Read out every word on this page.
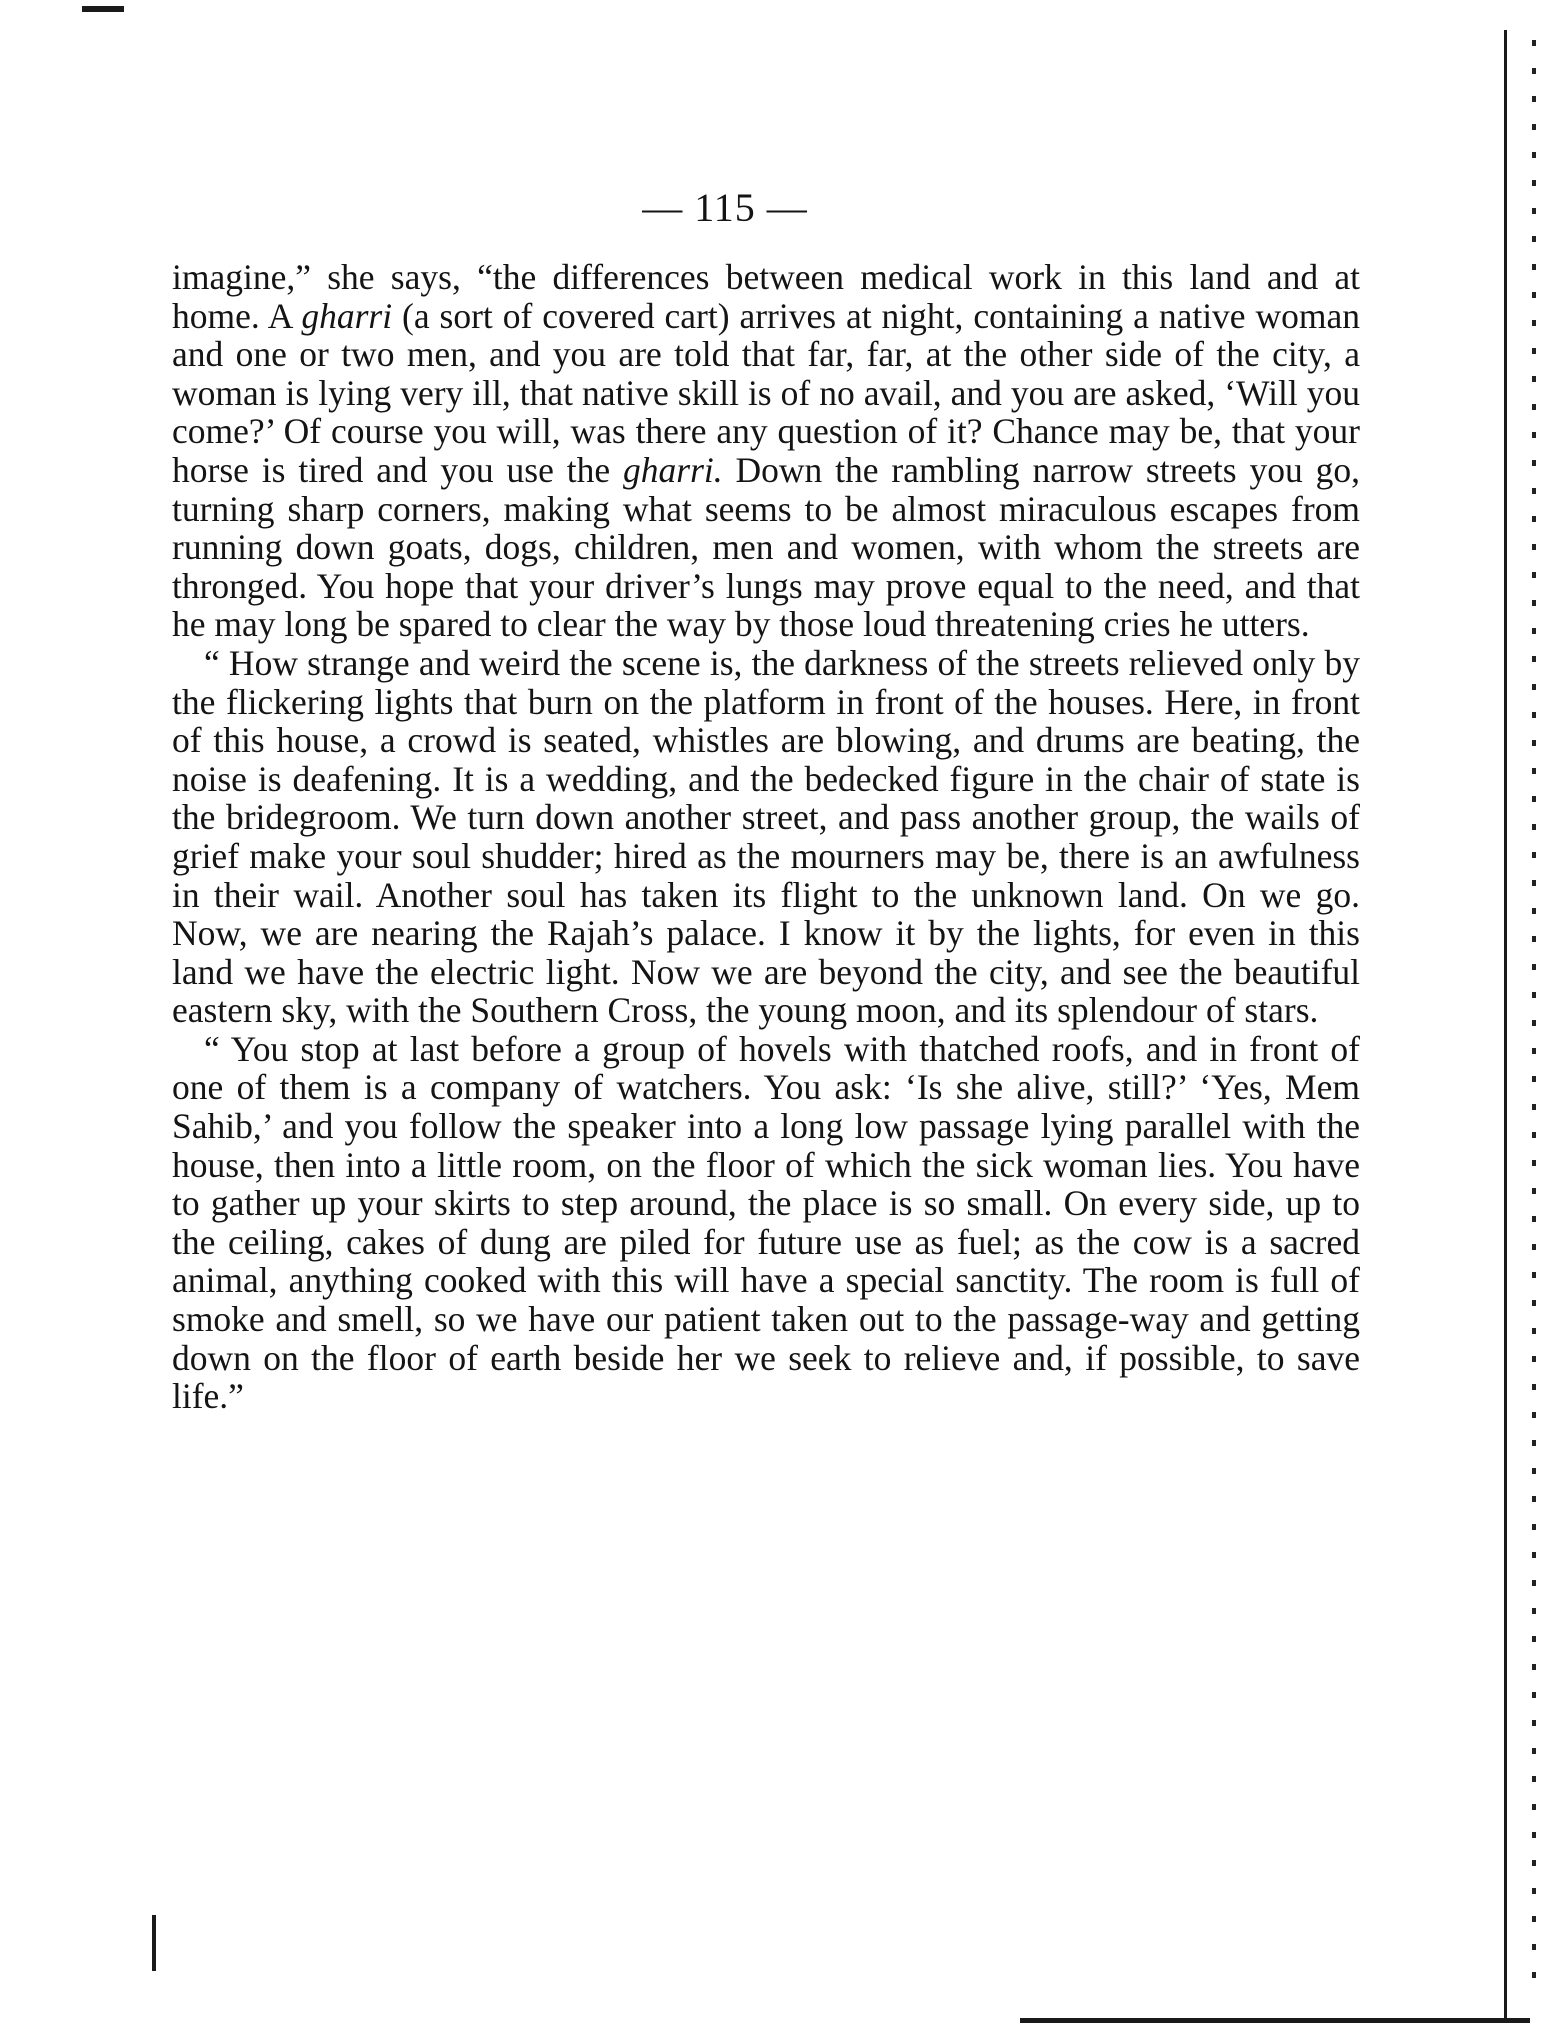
— 115 —

imagine,” she says, “the differences between medical work in this land and at home. A gharri (a sort of covered cart) arrives at night, containing a native woman and one or two men, and you are told that far, far, at the other side of the city, a woman is lying very ill, that native skill is of no avail, and you are asked, ‘Will you come?’ Of course you will, was there any question of it? Chance may be, that your horse is tired and you use the gharri. Down the rambling narrow streets you go, turning sharp corners, making what seems to be almost miraculous escapes from running down goats, dogs, children, men and women, with whom the streets are thronged. You hope that your driver’s lungs may prove equal to the need, and that he may long be spared to clear the way by those loud threatening cries he utters.

“ How strange and weird the scene is, the darkness of the streets relieved only by the flickering lights that burn on the platform in front of the houses. Here, in front of this house, a crowd is seated, whistles are blowing, and drums are beating, the noise is deafening. It is a wedding, and the bedecked figure in the chair of state is the bridegroom. We turn down another street, and pass another group, the wails of grief make your soul shudder; hired as the mourners may be, there is an awfulness in their wail. Another soul has taken its flight to the unknown land. On we go. Now, we are nearing the Rajah’s palace. I know it by the lights, for even in this land we have the electric light. Now we are beyond the city, and see the beautiful eastern sky, with the Southern Cross, the young moon, and its splendour of stars.

“ You stop at last before a group of hovels with thatched roofs, and in front of one of them is a company of watchers. You ask: ‘Is she alive, still?’ ‘Yes, Mem Sahib,’ and you follow the speaker into a long low passage lying parallel with the house, then into a little room, on the floor of which the sick woman lies. You have to gather up your skirts to step around, the place is so small. On every side, up to the ceiling, cakes of dung are piled for future use as fuel; as the cow is a sacred animal, anything cooked with this will have a special sanctity. The room is full of smoke and smell, so we have our patient taken out to the passage-way and getting down on the floor of earth beside her we seek to relieve and, if possible, to save life.”
